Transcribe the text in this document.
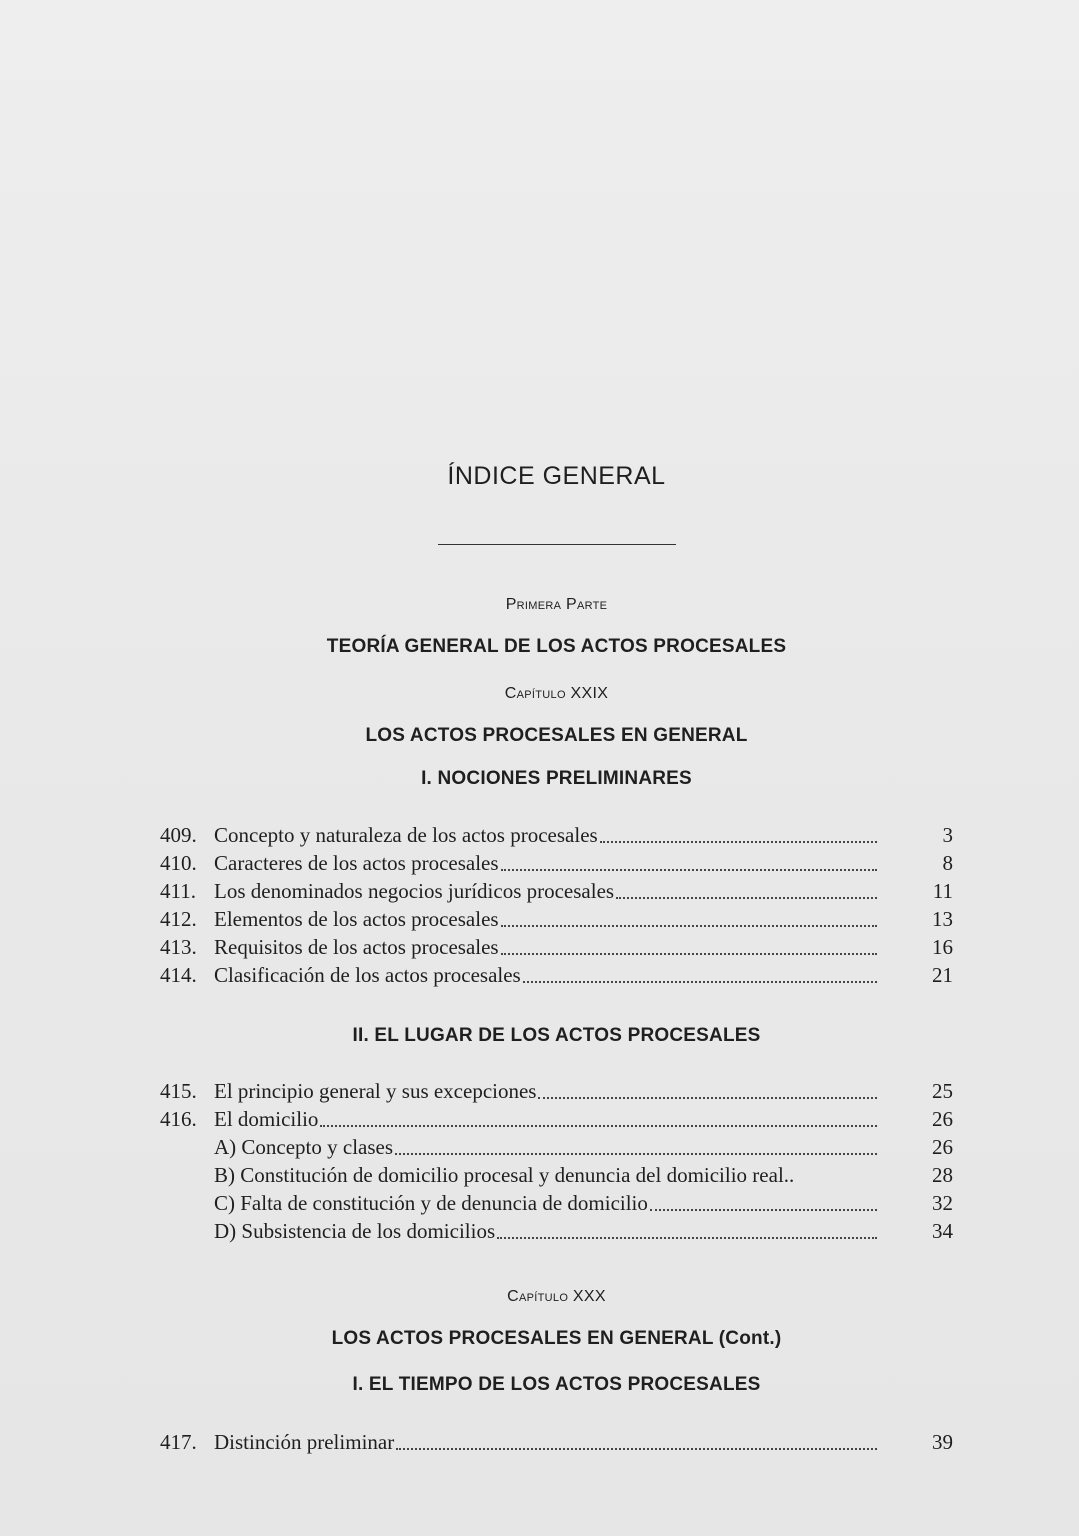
ÍNDICE GENERAL
Primera Parte
TEORÍA GENERAL DE LOS ACTOS PROCESALES
Capítulo XXIX
LOS ACTOS PROCESALES EN GENERAL
I. NOCIONES PRELIMINARES
409. Concepto y naturaleza de los actos procesales	3
410. Caracteres de los actos procesales	8
411. Los denominados negocios jurídicos procesales	11
412. Elementos de los actos procesales	13
413. Requisitos de los actos procesales	16
414. Clasificación de los actos procesales	21
II. EL LUGAR DE LOS ACTOS PROCESALES
415. El principio general y sus excepciones	25
416. El domicilio	26
A) Concepto y clases	26
B) Constitución de domicilio procesal y denuncia del domicilio real..	28
C) Falta de constitución y de denuncia de domicilio	32
D) Subsistencia de los domicilios	34
Capítulo XXX
LOS ACTOS PROCESALES EN GENERAL (Cont.)
I. EL TIEMPO DE LOS ACTOS PROCESALES
417. Distinción preliminar	39
